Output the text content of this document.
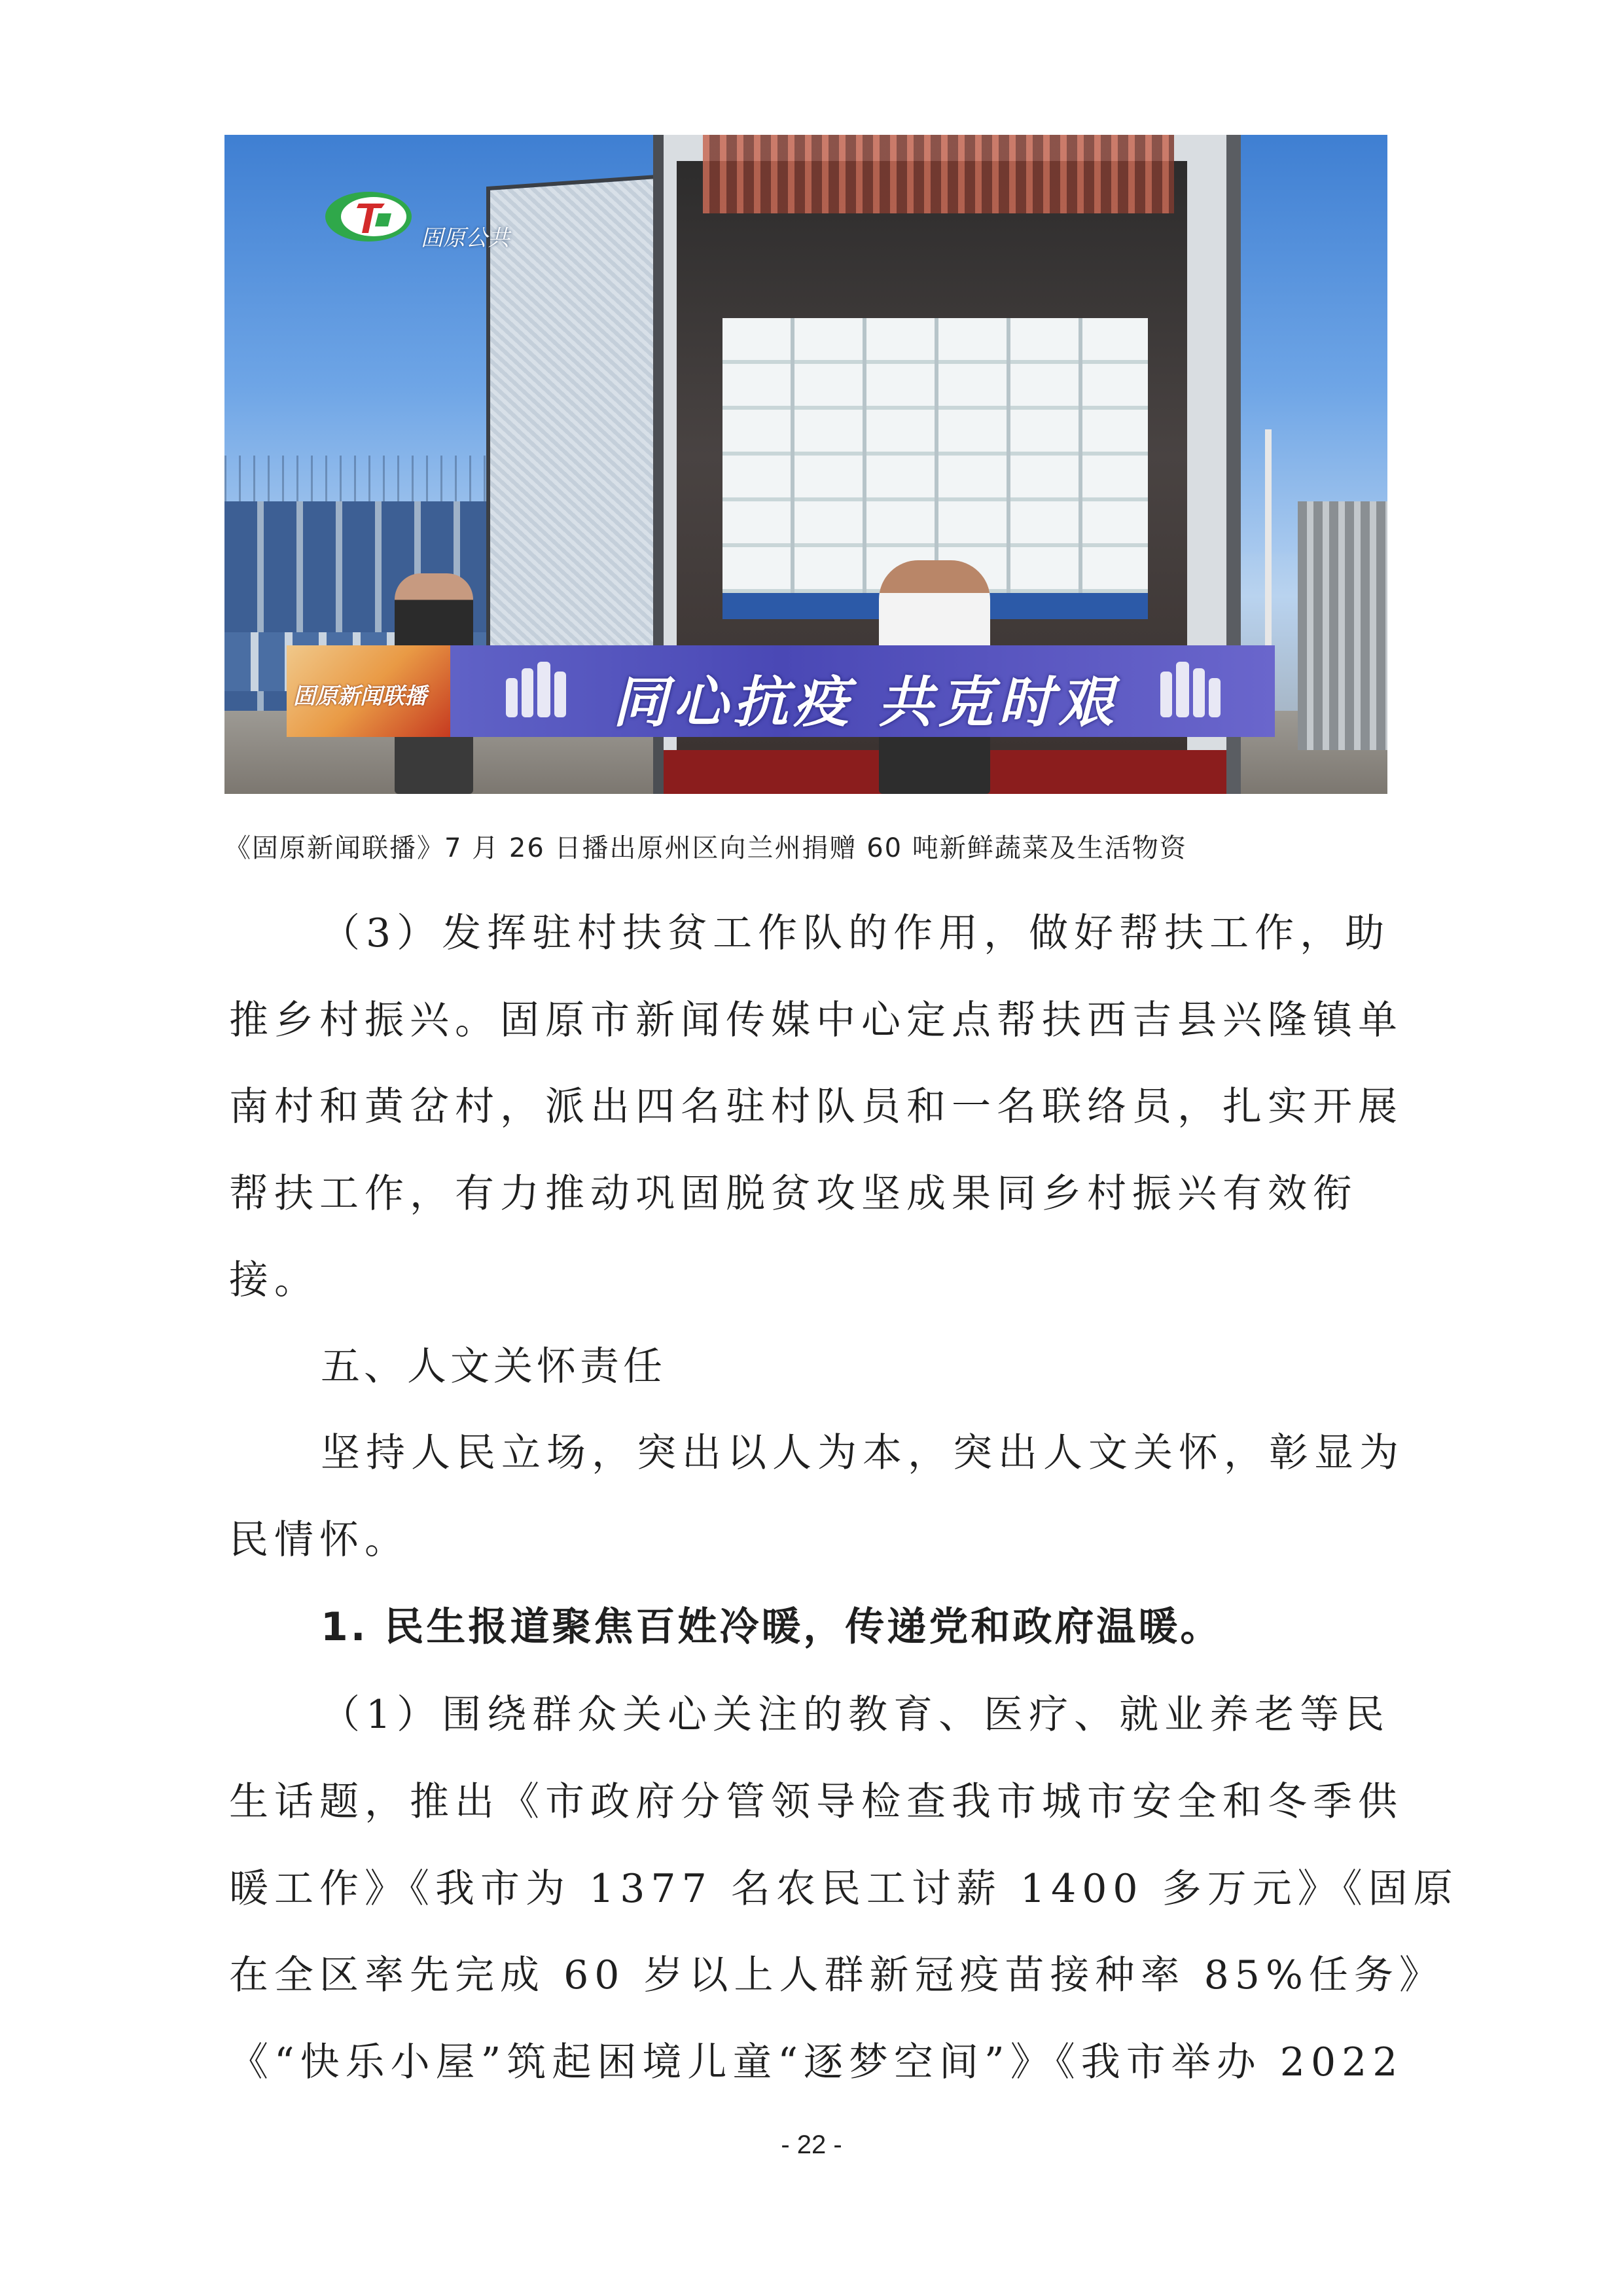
固原公共
固原新闻联播	同心抗疫 共克时艰
《固原新闻联播》7 月 26 日播出原州区向兰州捐赠 60 吨新鲜蔬菜及生活物资
（3）发挥驻村扶贫工作队的作用，做好帮扶工作，助
推乡村振兴。固原市新闻传媒中心定点帮扶西吉县兴隆镇单
南村和黄岔村，派出四名驻村队员和一名联络员，扎实开展
帮扶工作，有力推动巩固脱贫攻坚成果同乡村振兴有效衔
接。
五、人文关怀责任
坚持人民立场，突出以人为本，突出人文关怀，彰显为
民情怀。
1. 民生报道聚焦百姓冷暖，传递党和政府温暖。
（1）围绕群众关心关注的教育、医疗、就业养老等民
生话题，推出《市政府分管领导检查我市城市安全和冬季供
暖工作》《我市为 1377 名农民工讨薪 1400 多万元》《固原
在全区率先完成 60 岁以上人群新冠疫苗接种率 85%任务》
《“快乐小屋”筑起困境儿童“逐梦空间”》《我市举办 2022
- 22 -
